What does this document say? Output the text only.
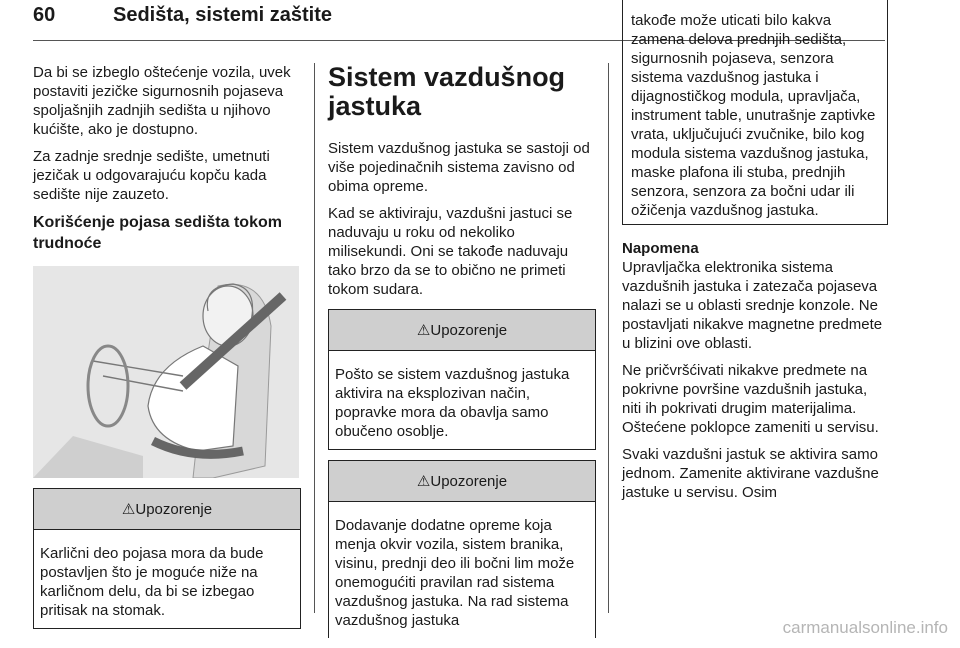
60	Sedišta, sistemi zaštite

Da bi se izbeglo oštećenje vozila, uvek postaviti jezičke sigurnosnih pojaseva spoljašnjih zadnjih sedišta u njihovo kućište, ako je dostupno.

Za zadnje srednje sedište, umetnuti jezičak u odgovarajuću kopču kada sedište nije zauzeto.

Korišćenje pojasa sedišta tokom trudnoće
⚠ Upozorenje
Karlični deo pojasa mora da bude postavljen što je moguće niže na karličnom delu, da bi se izbegao pritisak na stomak.
Sistem vazdušnog jastuka

Sistem vazdušnog jastuka se sastoji od više pojedinačnih sistema zavisno od obima opreme.

Kad se aktiviraju, vazdušni jastuci se naduvaju u roku od nekoliko milisekundi. Oni se takođe naduvaju tako brzo da se to obično ne primeti tokom sudara.

⚠ Upozorenje
Pošto se sistem vazdušnog jastuka aktivira na eksplozivan način, popravke mora da obavlja samo obučeno osoblje.
⚠ Upozorenje
Dodavanje dodatne opreme koja menja okvir vozila, sistem branika, visinu, prednji deo ili bočni lim može onemogućiti pravilan rad sistema vazdušnog jastuka. Na rad sistema vazdušnog jastuka
takođe može uticati bilo kakva zamena delova prednjih sedišta, sigurnosnih pojaseva, senzora sistema vazdušnog jastuka i dijagnostičkog modula, upravljača, instrument table, unutrašnje zaptivke vrata, uključujući zvučnike, bilo kog modula sistema vazdušnog jastuka, maske plafona ili stuba, prednjih senzora, senzora za bočni udar ili ožičenja vazdušnog jastuka.
Napomena

Upravljačka elektronika sistema vazdušnih jastuka i zatezača pojaseva nalazi se u oblasti srednje konzole. Ne postavljati nikakve magnetne predmete u blizini ove oblasti.

Ne pričvršćivati nikakve predmete na pokrivne površine vazdušnih jastuka, niti ih pokrivati drugim materijalima. Oštećene poklopce zameniti u servisu.

Svaki vazdušni jastuk se aktivira samo jednom. Zamenite aktivirane vazdušne jastuke u servisu. Osim

carmanualsonline.info
